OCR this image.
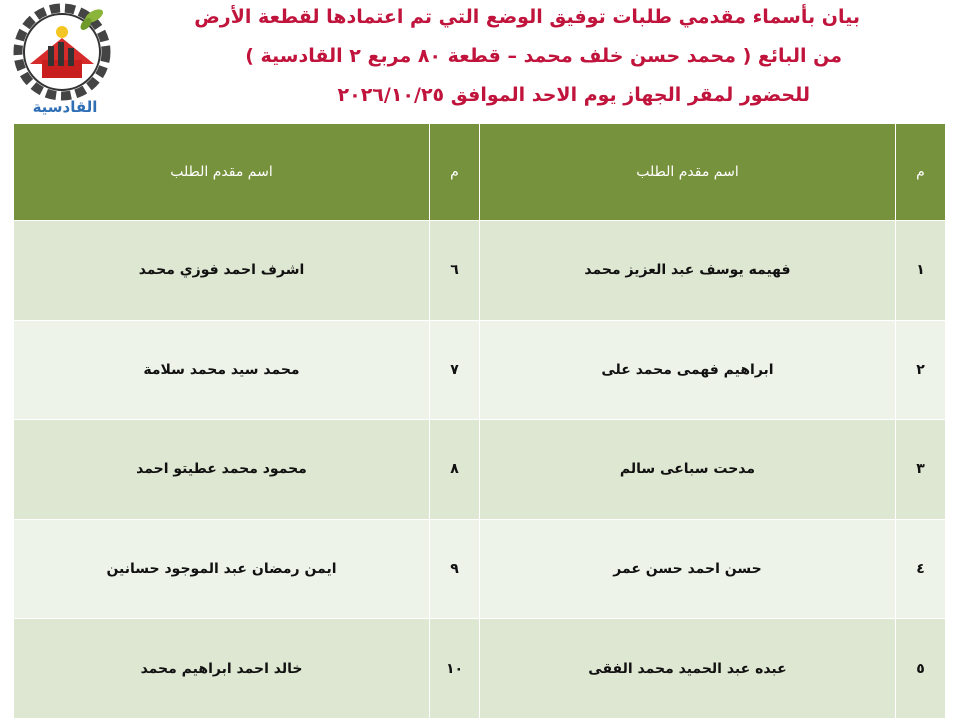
القادسية
بيان بأسماء مقدمي طلبات توفيق الوضع التي تم اعتمادها لقطعة الأرض
من البائع ( محمد حسن خلف محمد – قطعة ٨٠ مربع ٢ القادسية )
للحضور لمقر الجهاز يوم الاحد الموافق ٢٠٢٦/١٠/٢٥
م	اسم مقدم الطلب	م	اسم مقدم الطلب
١	فهيمه يوسف عبد العزيز محمد	٦	اشرف احمد فوزي محمد
٢	ابراهيم فهمى محمد على	٧	محمد سيد محمد سلامة
٣	مدحت سباعى سالم	٨	محمود محمد عطيتو احمد
٤	حسن احمد حسن عمر	٩	ايمن رمضان عبد الموجود حسانين
٥	عبده عبد الحميد محمد الفقى	١٠	خالد احمد ابراهيم محمد
